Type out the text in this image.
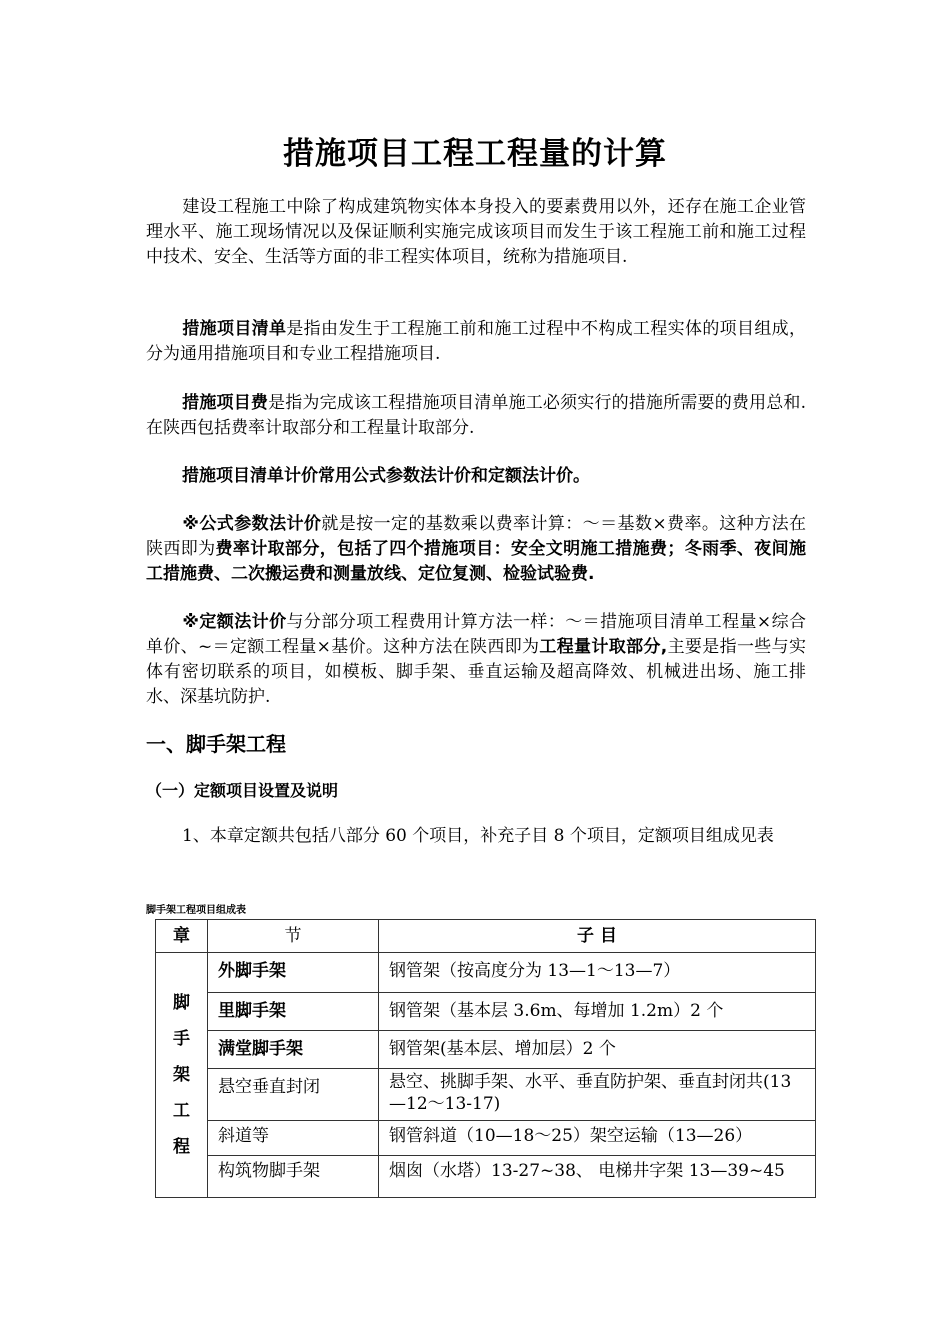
措施项目工程工程量的计算
建设工程施工中除了构成建筑物实体本身投入的要素费用以外，还存在施工企业管理水平、施工现场情况以及保证顺利实施完成该项目而发生于该工程施工前和施工过程中技术、安全、生活等方面的非工程实体项目，统称为措施项目.
措施项目清单是指由发生于工程施工前和施工过程中不构成工程实体的项目组成，分为通用措施项目和专业工程措施项目.
措施项目费是指为完成该工程措施项目清单施工必须实行的措施所需要的费用总和.在陕西包括费率计取部分和工程量计取部分.
措施项目清单计价常用公式参数法计价和定额法计价。
※公式参数法计价就是按一定的基数乘以费率计算：～＝基数×费率。这种方法在陕西即为费率计取部分，包括了四个措施项目：安全文明施工措施费；冬雨季、夜间施工措施费、二次搬运费和测量放线、定位复测、检验试验费.
※定额法计价与分部分项工程费用计算方法一样：～＝措施项目清单工程量×综合单价、~＝定额工程量×基价。这种方法在陕西即为工程量计取部分,主要是指一些与实体有密切联系的项目，如模板、脚手架、垂直运输及超高降效、机械进出场、施工排水、深基坑防护.
一、脚手架工程
（一）定额项目设置及说明
1、本章定额共包括八部分 60 个项目，补充子目 8 个项目，定额项目组成见表
脚手架工程项目组成表
章	节	子 目

脚
手
架
工
程	外脚手架	钢管架（按高度分为 13—1～13—7）
	里脚手架	钢管架（基本层 3.6m、每增加 1.2m）2 个
	满堂脚手架	钢管架(基本层、增加层）2 个
	悬空垂直封闭	悬空、挑脚手架、水平、垂直防护架、垂直封闭共(13—12～13-17)
	斜道等	钢管斜道（10—18～25）架空运输（13—26）
	构筑物脚手架	烟囱（水塔）13-27~38、 电梯井字架 13—39~45
